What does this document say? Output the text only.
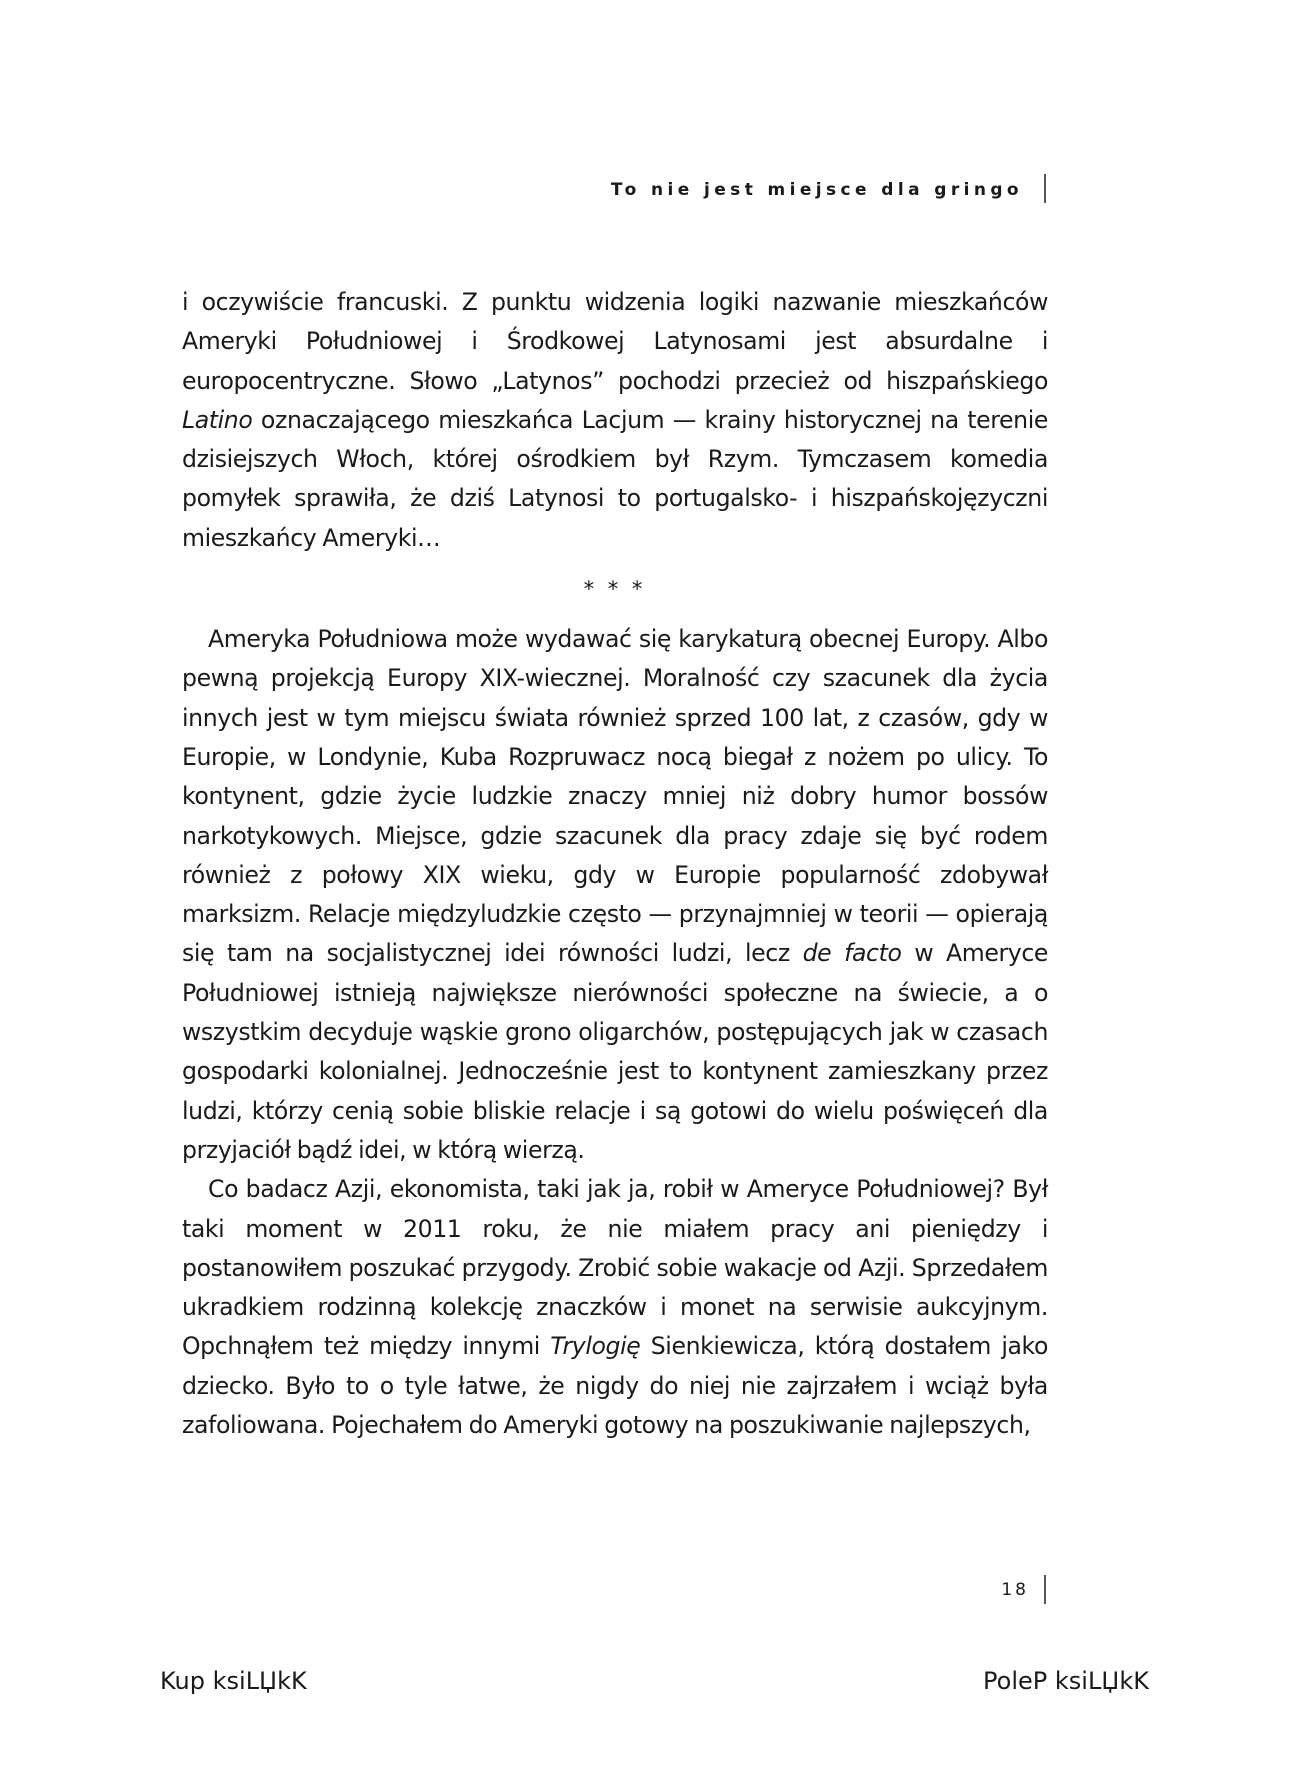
To nie jest miejsce dla gringo

i oczywiście francuski. Z punktu widzenia logiki nazwanie mieszkańców Ameryki Południowej i Środkowej Latynosami jest absurdalne i europocentryczne. Słowo „Latynos” pochodzi przecież od hiszpańskiego Latino oznaczającego mieszkańca Lacjum — krainy historycznej na terenie dzisiejszych Włoch, której ośrodkiem był Rzym. Tymczasem komedia pomyłek sprawiła, że dziś Latynosi to portugalsko- i hiszpańskojęzyczni mieszkańcy Ameryki…

* * *

Ameryka Południowa może wydawać się karykaturą obecnej Europy. Albo pewną projekcją Europy XIX-wiecznej. Moralność czy szacunek dla życia innych jest w tym miejscu świata również sprzed 100 lat, z czasów, gdy w Europie, w Londynie, Kuba Rozpruwacz nocą biegał z nożem po ulicy. To kontynent, gdzie życie ludzkie znaczy mniej niż dobry humor bossów narkotykowych. Miejsce, gdzie szacunek dla pracy zdaje się być rodem również z połowy XIX wieku, gdy w Europie popularność zdobywał marksizm. Relacje międzyludzkie często — przynajmniej w teorii — opierają się tam na socjalistycznej idei równości ludzi, lecz de facto w Ameryce Południowej istnieją największe nierówności społeczne na świecie, a o wszystkim decyduje wąskie grono oligarchów, postępujących jak w czasach gospodarki kolonialnej. Jednocześnie jest to kontynent zamieszkany przez ludzi, którzy cenią sobie bliskie relacje i są gotowi do wielu poświęceń dla przyjaciół bądź idei, w którą wierzą.

Co badacz Azji, ekonomista, taki jak ja, robił w Ameryce Południowej? Był taki moment w 2011 roku, że nie miałem pracy ani pieniędzy i postanowiłem poszukać przygody. Zrobić sobie wakacje od Azji. Sprzedałem ukradkiem rodzinną kolekcję znaczków i monet na serwisie aukcyjnym. Opchnąłem też między innymi Trylogię Sienkiewicza, którą dostałem jako dziecko. Było to o tyle łatwe, że nigdy do niej nie zajrzałem i wciąż była zafoliowana. Pojechałem do Ameryki gotowy na poszukiwanie najlepszych,

18
Kup ksiLЏkK	PoleP ksiLЏkK
